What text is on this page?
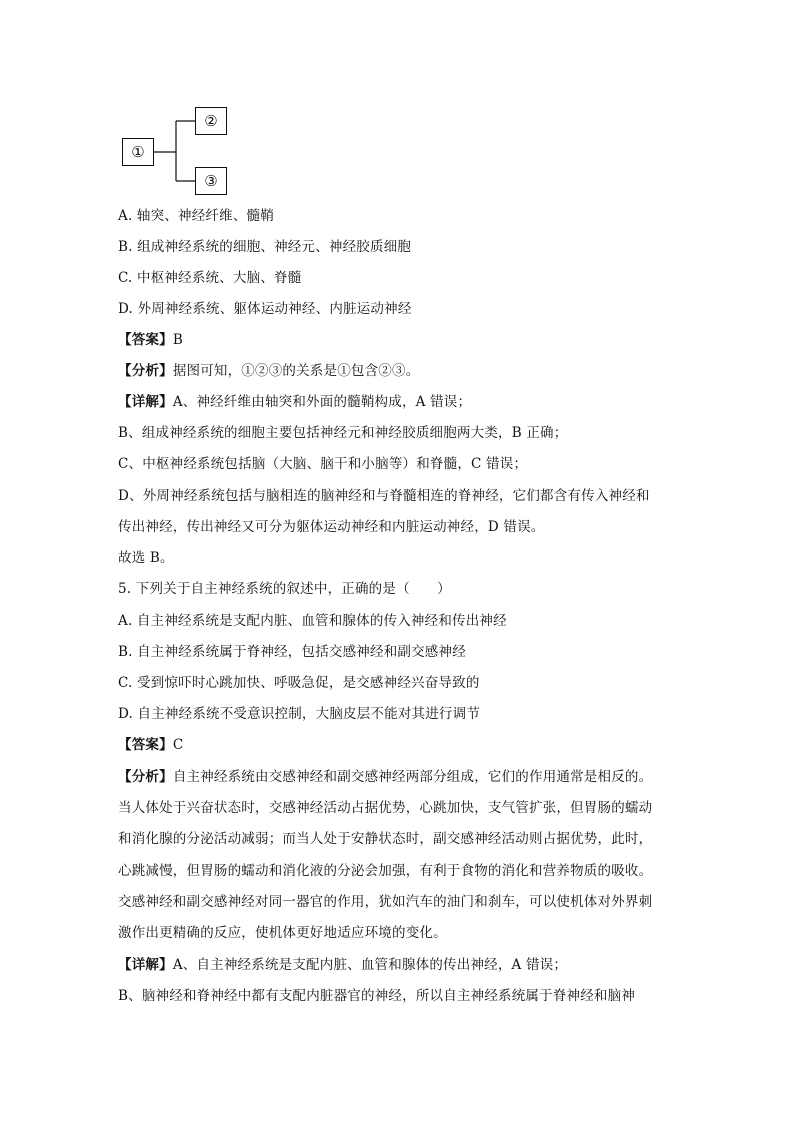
①
②
③
A. 轴突、神经纤维、髓鞘
B. 组成神经系统的细胞、神经元、神经胶质细胞
C. 中枢神经系统、大脑、脊髓
D. 外周神经系统、躯体运动神经、内脏运动神经
【答案】B
【分析】据图可知，①②③的关系是①包含②③。
【详解】A、神经纤维由轴突和外面的髓鞘构成，A 错误；
B、组成神经系统的细胞主要包括神经元和神经胶质细胞两大类，B 正确；
C、中枢神经系统包括脑（大脑、脑干和小脑等）和脊髓，C 错误；
D、外周神经系统包括与脑相连的脑神经和与脊髓相连的脊神经，它们都含有传入神经和
传出神经，传出神经又可分为躯体运动神经和内脏运动神经，D 错误。
故选 B。
5. 下列关于自主神经系统的叙述中，正确的是（　　）
A. 自主神经系统是支配内脏、血管和腺体的传入神经和传出神经
B. 自主神经系统属于脊神经，包括交感神经和副交感神经
C. 受到惊吓时心跳加快、呼吸急促，是交感神经兴奋导致的
D. 自主神经系统不受意识控制，大脑皮层不能对其进行调节
【答案】C
【分析】自主神经系统由交感神经和副交感神经两部分组成，它们的作用通常是相反的。
当人体处于兴奋状态时，交感神经活动占据优势，心跳加快，支气管扩张，但胃肠的蠕动
和消化腺的分泌活动减弱；而当人处于安静状态时，副交感神经活动则占据优势，此时，
心跳减慢，但胃肠的蠕动和消化液的分泌会加强，有利于食物的消化和营养物质的吸收。
交感神经和副交感神经对同一器官的作用，犹如汽车的油门和刹车，可以使机体对外界刺
激作出更精确的反应，使机体更好地适应环境的变化。
【详解】A、自主神经系统是支配内脏、血管和腺体的传出神经，A 错误；
B、脑神经和脊神经中都有支配内脏器官的神经，所以自主神经系统属于脊神经和脑神
